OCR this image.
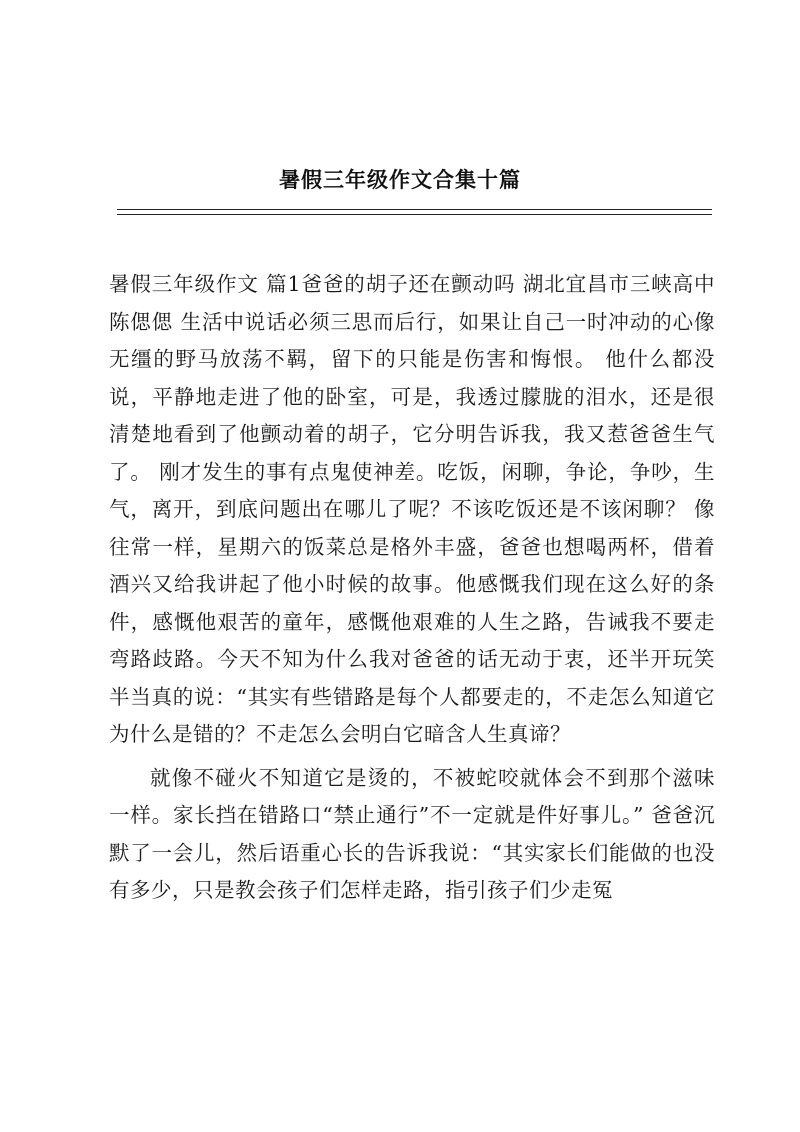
暑假三年级作文合集十篇

暑假三年级作文 篇1爸爸的胡子还在颤动吗 湖北宜昌市三峡高中 陈偲偲 生活中说话必须三思而后行，如果让自己一时冲动的心像无缰的野马放荡不羁，留下的只能是伤害和悔恨。 他什么都没说，平静地走进了他的卧室，可是，我透过朦胧的泪水，还是很清楚地看到了他颤动着的胡子，它分明告诉我，我又惹爸爸生气了。 刚才发生的事有点鬼使神差。吃饭，闲聊，争论，争吵，生气，离开，到底问题出在哪儿了呢？不该吃饭还是不该闲聊？ 像往常一样，星期六的饭菜总是格外丰盛，爸爸也想喝两杯，借着酒兴又给我讲起了他小时候的故事。他感慨我们现在这么好的条件，感慨他艰苦的童年，感慨他艰难的人生之路，告诫我不要走弯路歧路。今天不知为什么我对爸爸的话无动于衷，还半开玩笑半当真的说：“其实有些错路是每个人都要走的，不走怎么知道它为什么是错的？不走怎么会明白它暗含人生真谛？

就像不碰火不知道它是烫的，不被蛇咬就体会不到那个滋味一样。家长挡在错路口“禁止通行”不一定就是件好事儿。” 爸爸沉默了一会儿，然后语重心长的告诉我说：“其实家长们能做的也没有多少，只是教会孩子们怎样走路，指引孩子们少走冤
